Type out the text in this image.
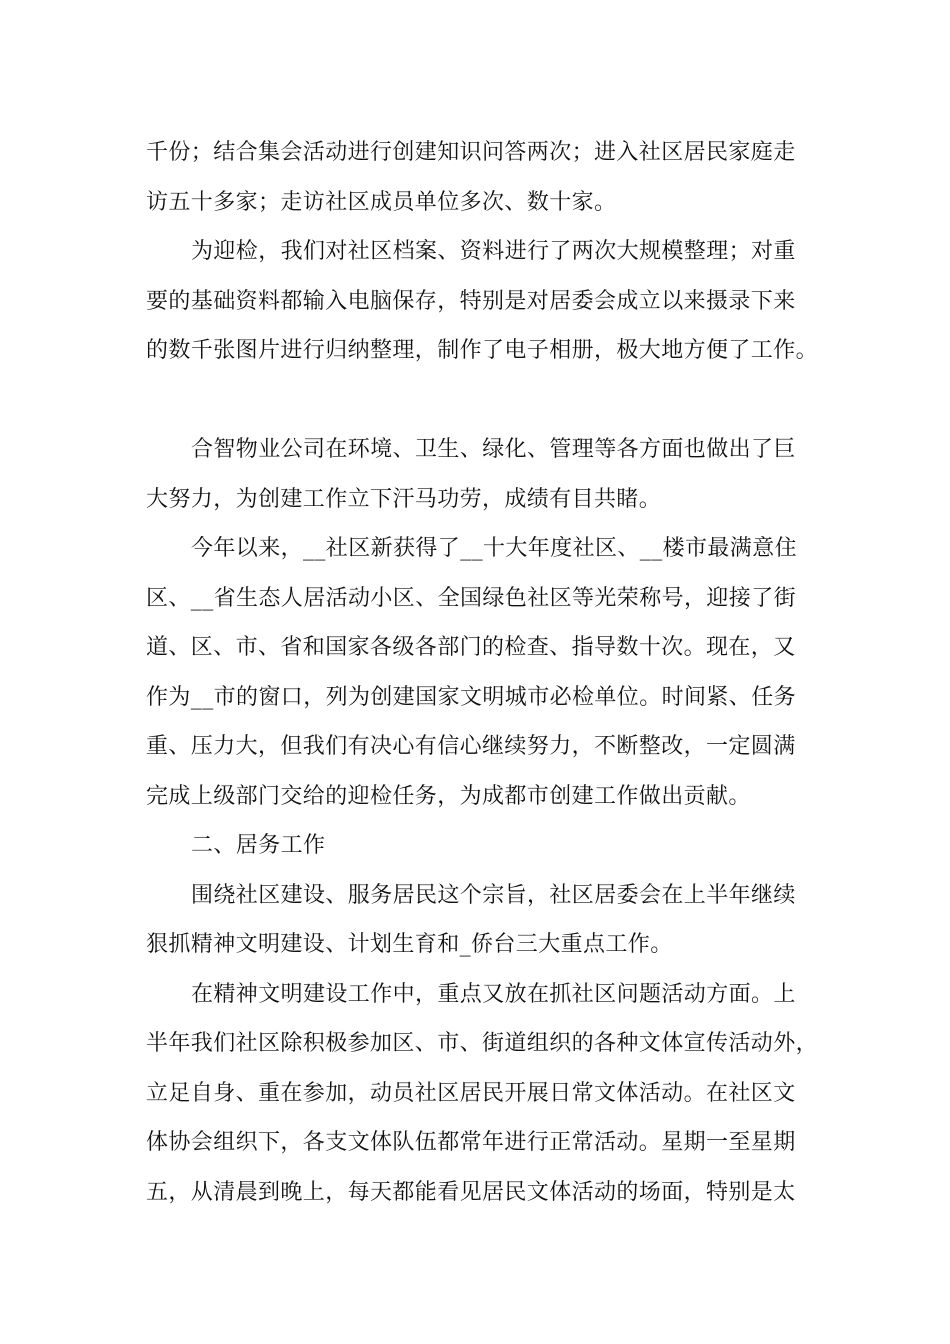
千份；结合集会活动进行创建知识问答两次；进入社区居民家庭走
访五十多家；走访社区成员单位多次、数十家。
为迎检，我们对社区档案、资料进行了两次大规模整理；对重
要的基础资料都输入电脑保存，特别是对居委会成立以来摄录下来
的数千张图片进行归纳整理，制作了电子相册，极大地方便了工作。
合智物业公司在环境、卫生、绿化、管理等各方面也做出了巨
大努力，为创建工作立下汗马功劳，成绩有目共睹。
今年以来，__社区新获得了__十大年度社区、__楼市最满意住
区、__省生态人居活动小区、全国绿色社区等光荣称号，迎接了街
道、区、市、省和国家各级各部门的检查、指导数十次。现在，又
作为__市的窗口，列为创建国家文明城市必检单位。时间紧、任务
重、压力大，但我们有决心有信心继续努力，不断整改，一定圆满
完成上级部门交给的迎检任务，为成都市创建工作做出贡献。
二、居务工作
围绕社区建设、服务居民这个宗旨，社区居委会在上半年继续
狠抓精神文明建设、计划生育和_侨台三大重点工作。
在精神文明建设工作中，重点又放在抓社区问题活动方面。上
半年我们社区除积极参加区、市、街道组织的各种文体宣传活动外，
立足自身、重在参加，动员社区居民开展日常文体活动。在社区文
体协会组织下，各支文体队伍都常年进行正常活动。星期一至星期
五，从清晨到晚上，每天都能看见居民文体活动的场面，特别是太
